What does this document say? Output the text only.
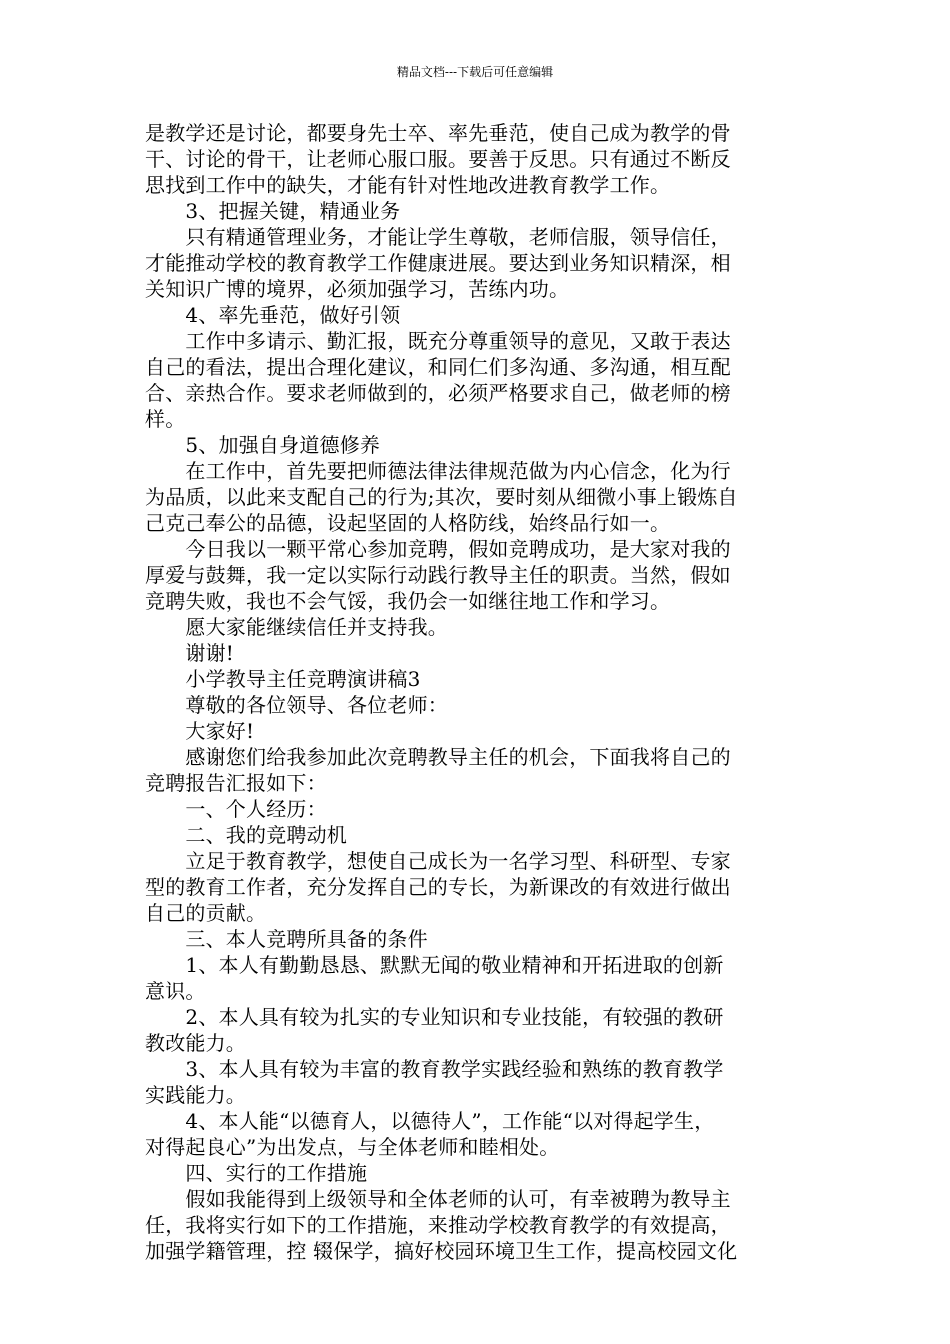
精品文档---下载后可任意编辑
是教学还是讨论，都要身先士卒、率先垂范，使自己成为教学的骨
干、讨论的骨干，让老师心服口服。要善于反思。只有通过不断反
思找到工作中的缺失，才能有针对性地改进教育教学工作。
　　3、把握关键，精通业务
　　只有精通管理业务，才能让学生尊敬，老师信服，领导信任，
才能推动学校的教育教学工作健康进展。要达到业务知识精深，相
关知识广博的境界，必须加强学习，苦练内功。
　　4、率先垂范，做好引领
　　工作中多请示、勤汇报，既充分尊重领导的意见，又敢于表达
自己的看法，提出合理化建议，和同仁们多沟通、多沟通，相互配
合、亲热合作。要求老师做到的，必须严格要求自己，做老师的榜
样。
　　5、加强自身道德修养
　　在工作中，首先要把师德法律法律规范做为内心信念，化为行
为品质，以此来支配自己的行为;其次，要时刻从细微小事上锻炼自
己克己奉公的品德，设起坚固的人格防线，始终品行如一。
　　今日我以一颗平常心参加竞聘，假如竞聘成功，是大家对我的
厚爱与鼓舞，我一定以实际行动践行教导主任的职责。当然，假如
竞聘失败，我也不会气馁，我仍会一如继往地工作和学习。
　　愿大家能继续信任并支持我。
　　谢谢!
　　小学教导主任竞聘演讲稿3
　　尊敬的各位领导、各位老师：
　　大家好!
　　感谢您们给我参加此次竞聘教导主任的机会，下面我将自己的
竞聘报告汇报如下：
　　一、个人经历：
　　二、我的竞聘动机
　　立足于教育教学，想使自己成长为一名学习型、科研型、专家
型的教育工作者，充分发挥自己的专长，为新课改的有效进行做出
自己的贡献。
　　三、本人竞聘所具备的条件
　　1、本人有勤勤恳恳、默默无闻的敬业精神和开拓进取的创新
意识。
　　2、本人具有较为扎实的专业知识和专业技能，有较强的教研
教改能力。
　　3、本人具有较为丰富的教育教学实践经验和熟练的教育教学
实践能力。
　　4、本人能“以德育人，以德待人”，工作能“以对得起学生，
对得起良心”为出发点，与全体老师和睦相处。
　　四、实行的工作措施
　　假如我能得到上级领导和全体老师的认可，有幸被聘为教导主
任，我将实行如下的工作措施，来推动学校教育教学的有效提高，
加强学籍管理，控 辍保学，搞好校园环境卫生工作，提高校园文化
